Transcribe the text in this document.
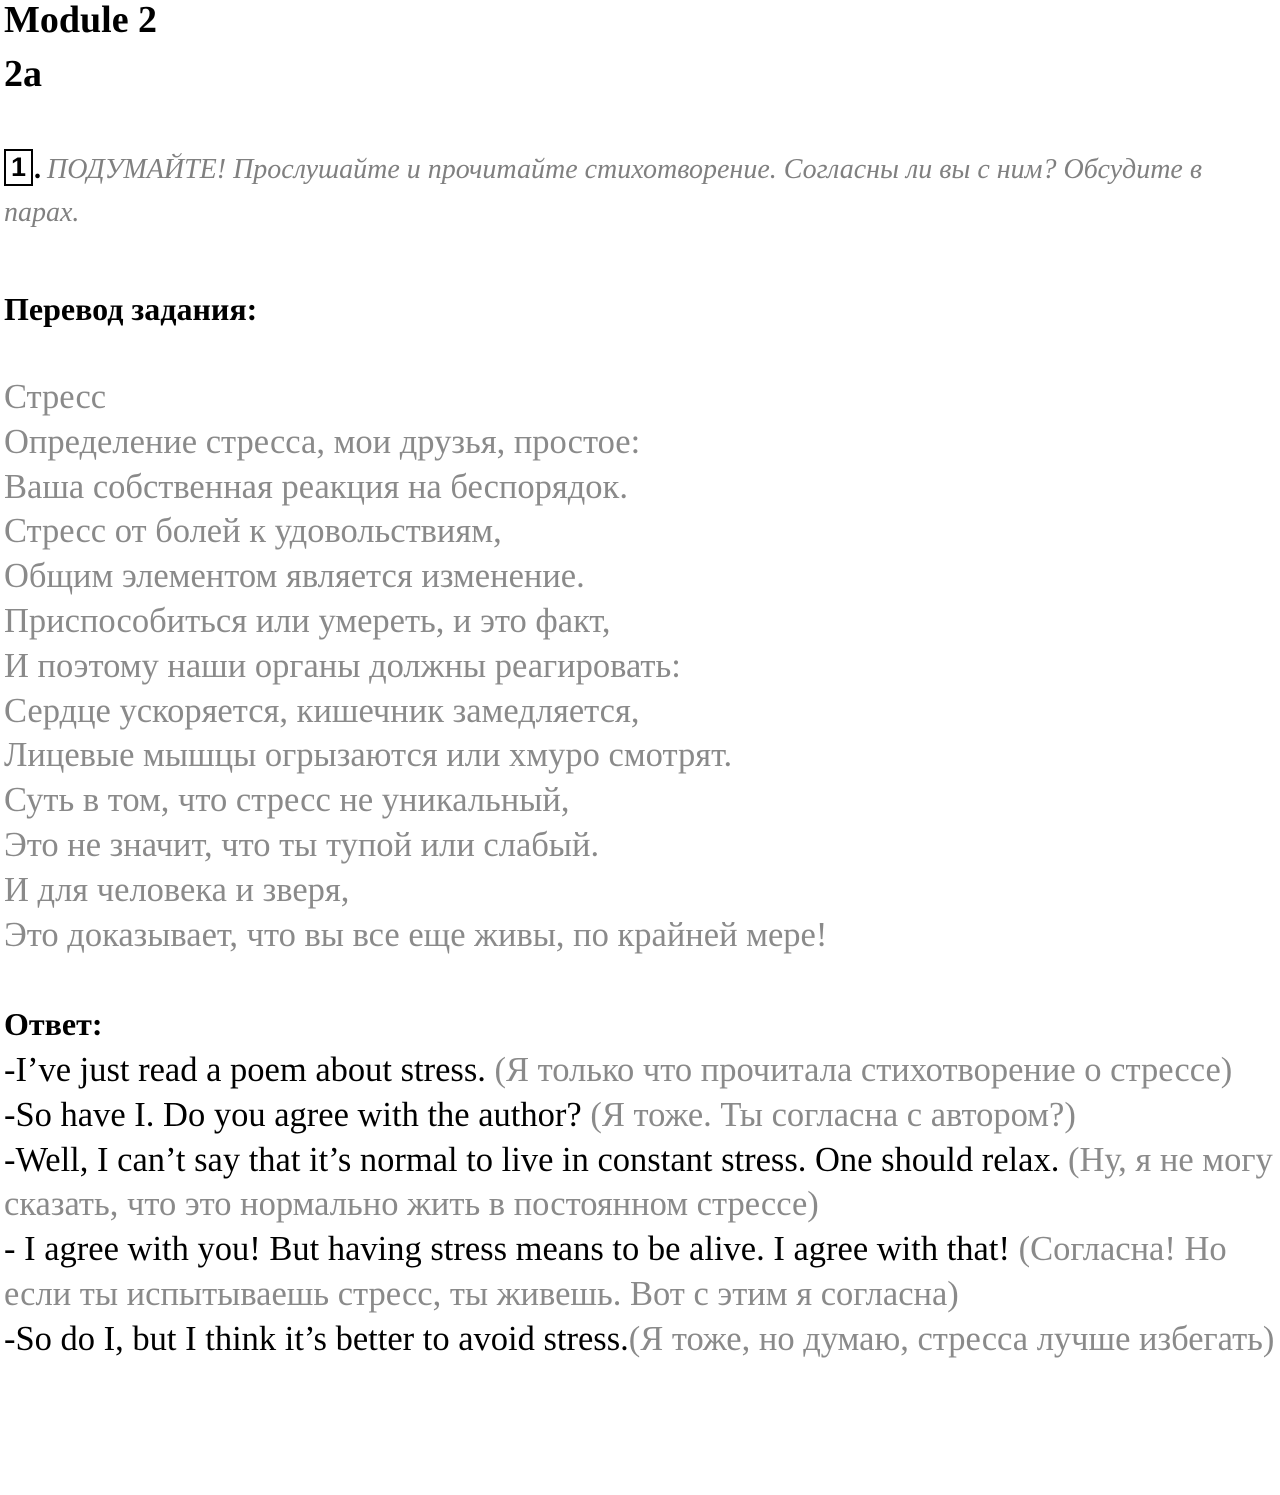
Module 2
2a
1 . ПОДУМАЙТЕ! Прослушайте и прочитайте стихотворение. Согласны ли вы с ним? Обсудите в парах.
Перевод задания:
Стресс
Определение стресса, мои друзья, простое:
Ваша собственная реакция на беспорядок.
Стресс от болей к удовольствиям,
Общим элементом является изменение.
Приспособиться или умереть, и это факт,
И поэтому наши органы должны реагировать:
Сердце ускоряется, кишечник замедляется,
Лицевые мышцы огрызаются или хмуро смотрят.
Суть в том, что стресс не уникальный,
Это не значит, что ты тупой или слабый.
И для человека и зверя,
Это доказывает, что вы все еще живы, по крайней мере!
Ответ:
-I’ve just read a poem about stress. (Я только что прочитала стихотворение о стрессе)
-So have I. Do you agree with the author? (Я тоже. Ты согласна с автором?)
-Well, I can’t say that it’s normal to live in constant stress. One should relax. (Ну, я не могу сказать, что это нормально жить в постоянном стрессе)
- I agree with you! But having stress means to be alive. I agree with that! (Согласна! Но если ты испытываешь стресс, ты живешь. Вот с этим я согласна)
-So do I, but I think it’s better to avoid stress.(Я тоже, но думаю, стресса лучше избегать)
